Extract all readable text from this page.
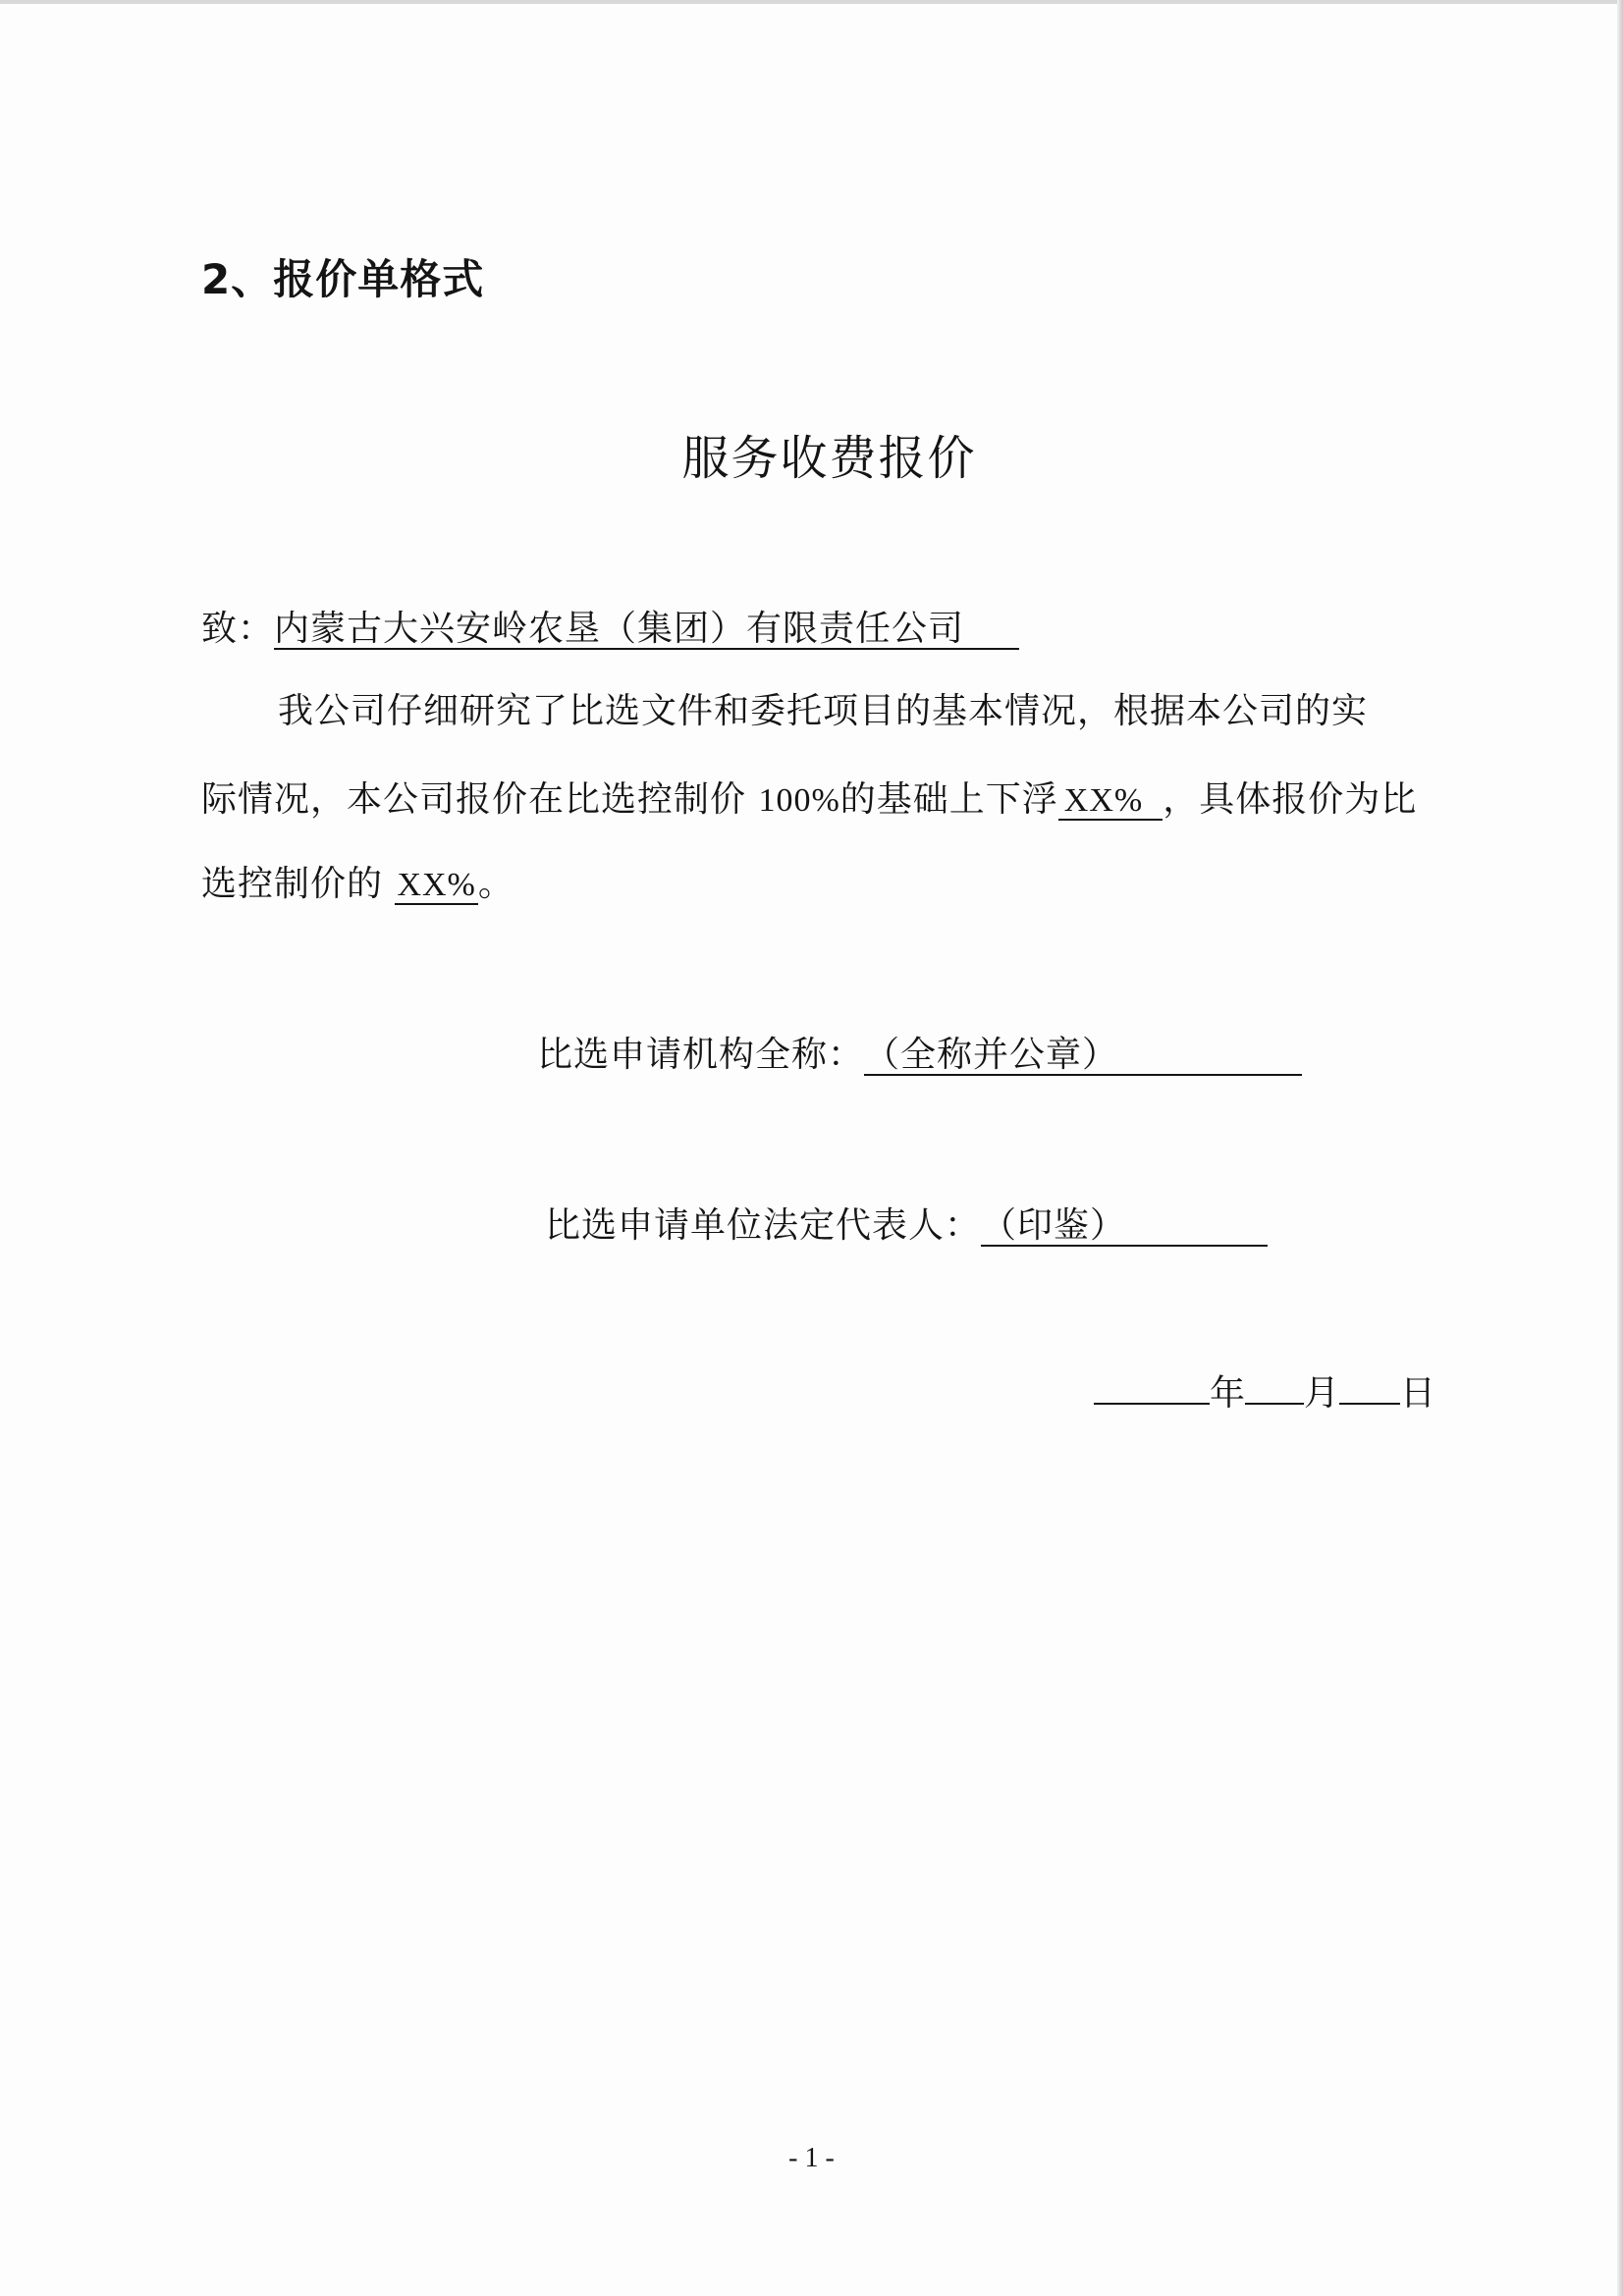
2、报价单格式
服务收费报价
致：内蒙古大兴安岭农垦（集团）有限责任公司
我公司仔细研究了比选文件和委托项目的基本情况，根据本公司的实
际情况，本公司报价在比选控制价 100%的基础上下浮 XX% ，具体报价为比
选控制价的 XX%。
比选申请机构全称：（全称并公章）
比选申请单位法定代表人：（印鉴）
年 月 日
- 1 -
